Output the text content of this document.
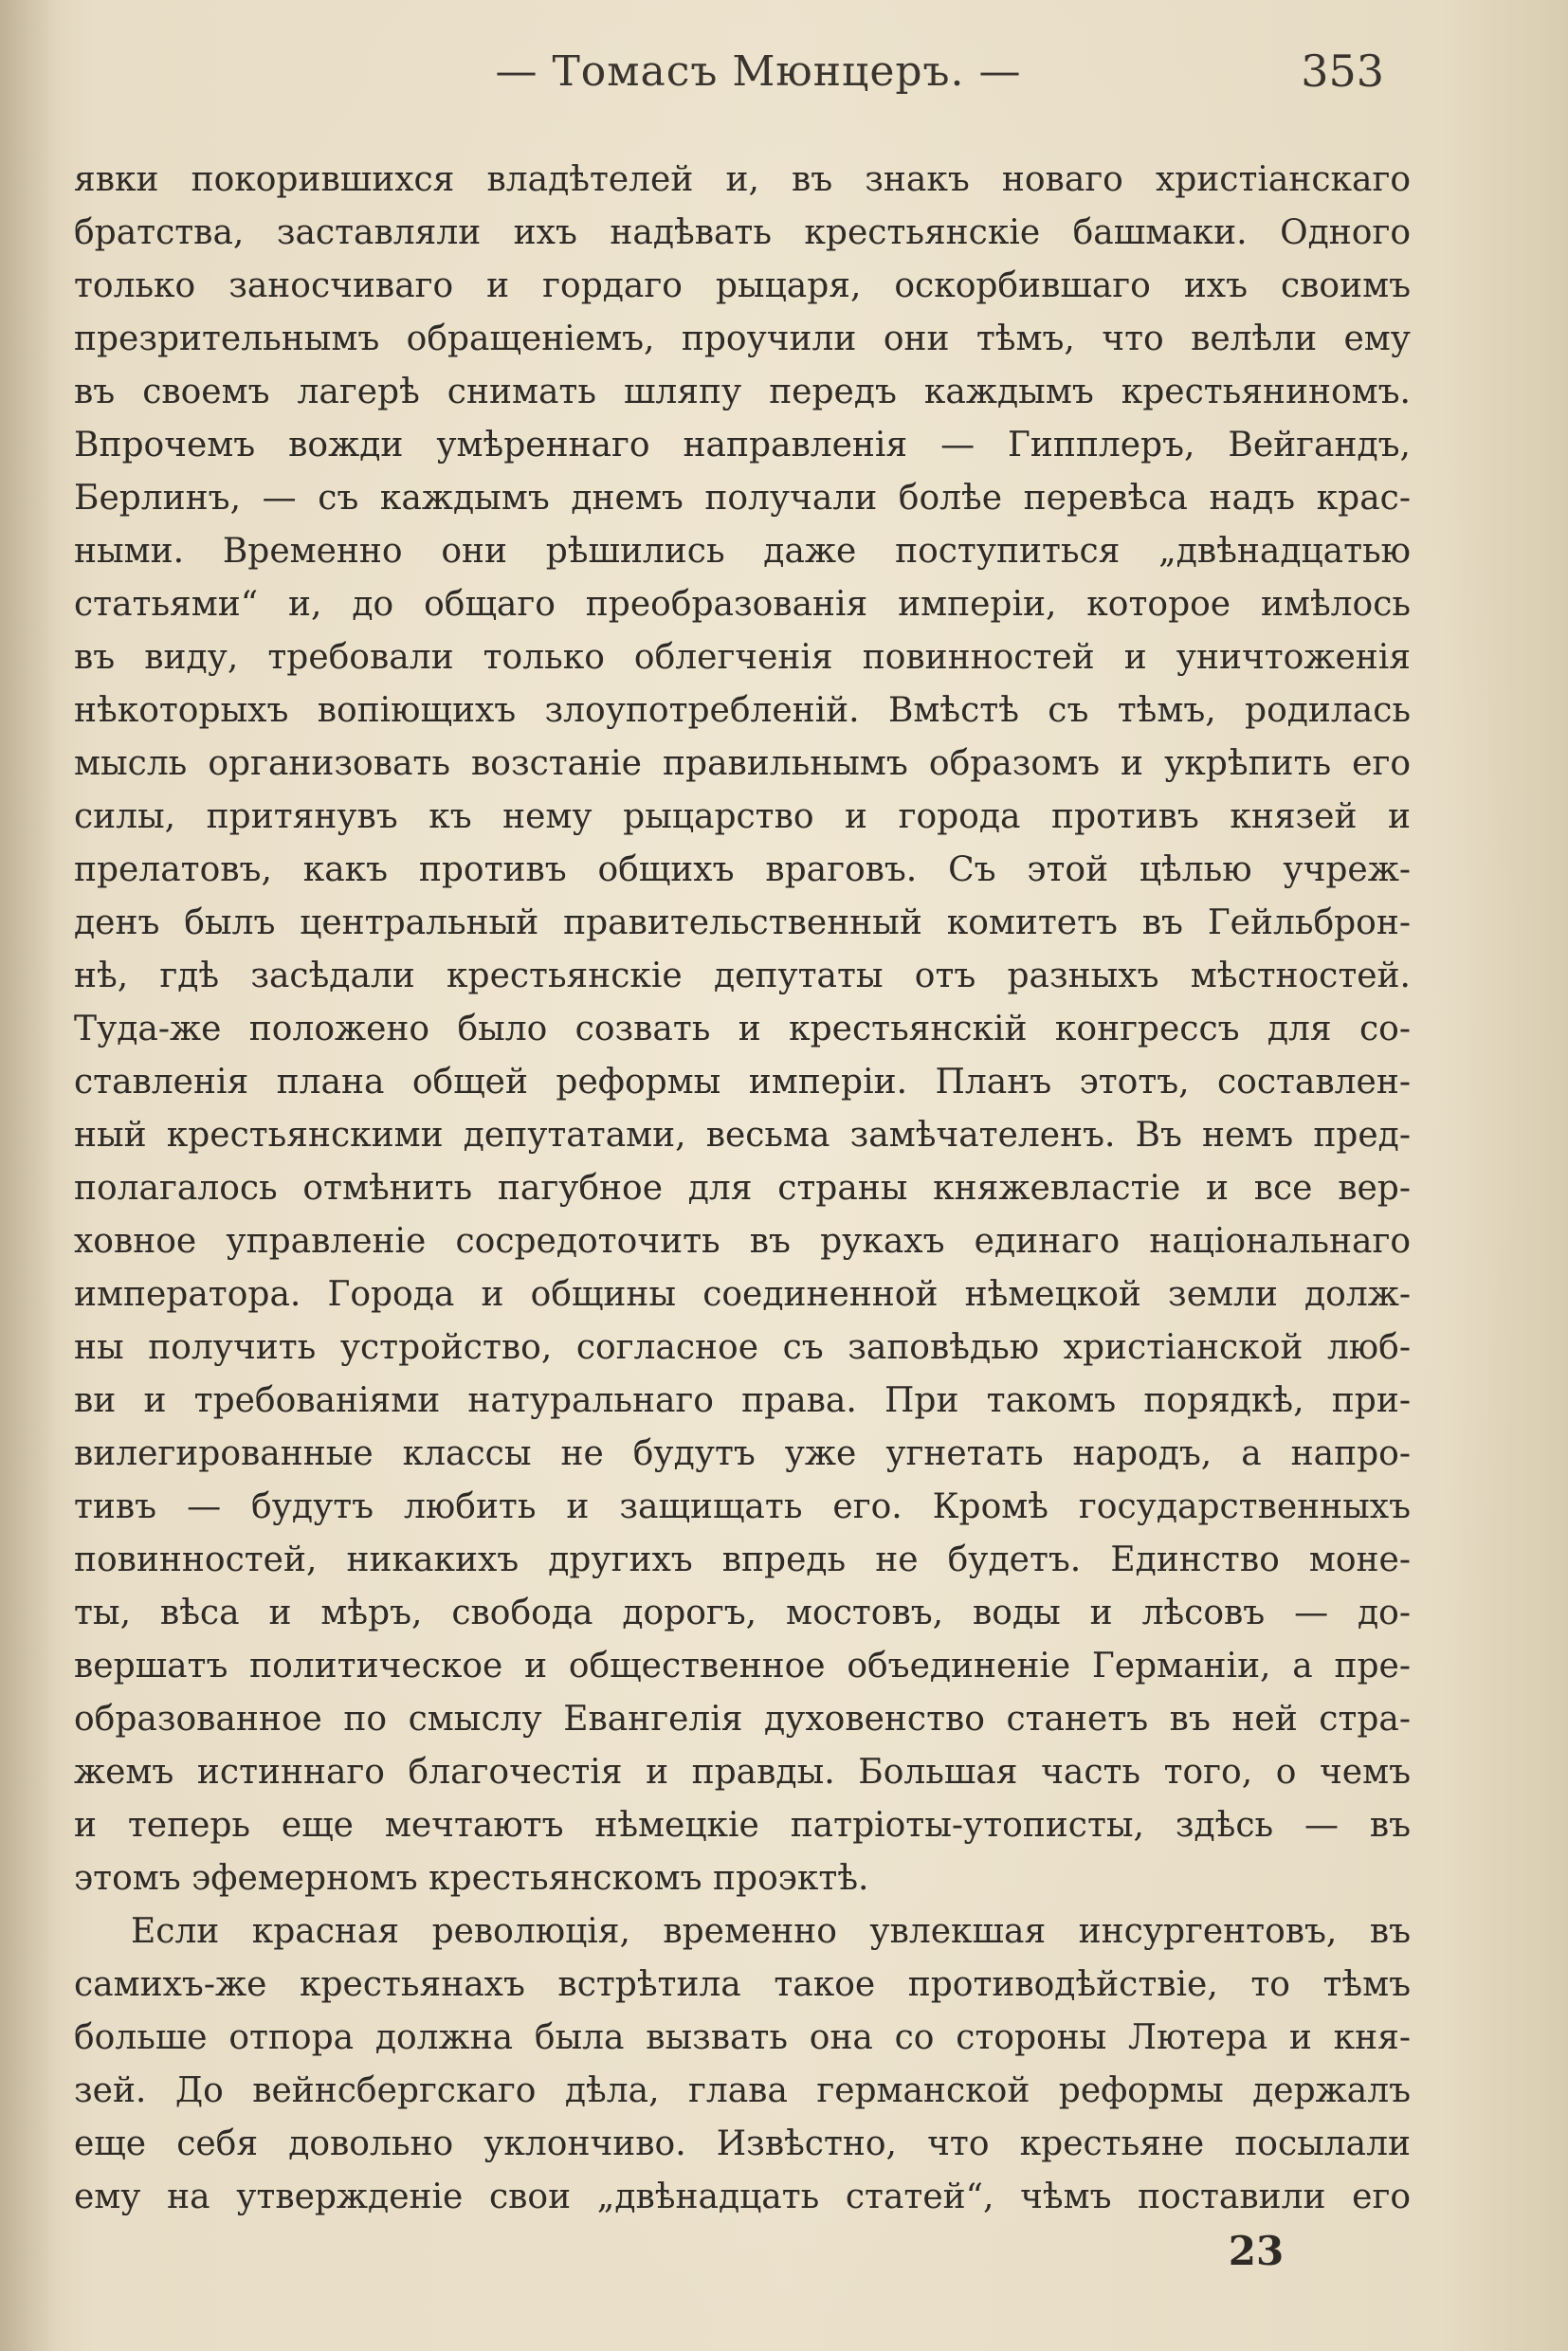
— Томасъ Мюнцеръ. —	353
явки покорившихся владѣтелей и, въ знакъ новаго христіанскаго
братства, заставляли ихъ надѣвать крестьянскіе башмаки. Одного
только заносчиваго и гордаго рыцаря, оскорбившаго ихъ своимъ
презрительнымъ обращеніемъ, проучили они тѣмъ, что велѣли ему
въ своемъ лагерѣ снимать шляпу передъ каждымъ крестьяниномъ.
Впрочемъ вожди умѣреннаго направленія — Гипплеръ, Вейгандъ,
Берлинъ, — съ каждымъ днемъ получали болѣе перевѣса надъ крас-
ными. Временно они рѣшились даже поступиться „двѣнадцатью
статьями“ и, до общаго преобразованія имперіи, которое имѣлось
въ виду, требовали только облегченія повинностей и уничтоженія
нѣкоторыхъ вопіющихъ злоупотребленій. Вмѣстѣ съ тѣмъ, родилась
мысль организовать возстаніе правильнымъ образомъ и укрѣпить его
силы, притянувъ къ нему рыцарство и города противъ князей и
прелатовъ, какъ противъ общихъ враговъ. Съ этой цѣлью учреж-
денъ былъ центральный правительственный комитетъ въ Гейльброн-
нѣ, гдѣ засѣдали крестьянскіе депутаты отъ разныхъ мѣстностей.
Туда-же положено было созвать и крестьянскій конгрессъ для со-
ставленія плана общей реформы имперіи. Планъ этотъ, составлен-
ный крестьянскими депутатами, весьма замѣчателенъ. Въ немъ пред-
полагалось отмѣнить пагубное для страны княжевластіе и все вер-
ховное управленіе сосредоточить въ рукахъ единаго національнаго
императора. Города и общины соединенной нѣмецкой земли долж-
ны получить устройство, согласное съ заповѣдью христіанской люб-
ви и требованіями натуральнаго права. При такомъ порядкѣ, при-
вилегированные классы не будутъ уже угнетать народъ, а напро-
тивъ — будутъ любить и защищать его. Кромѣ государственныхъ
повинностей, никакихъ другихъ впредь не будетъ. Единство моне-
ты, вѣса и мѣръ, свобода дорогъ, мостовъ, воды и лѣсовъ — до-
вершатъ политическое и общественное объединеніе Германіи, а пре-
образованное по смыслу Евангелія духовенство станетъ въ ней стра-
жемъ истиннаго благочестія и правды. Большая часть того, о чемъ
и теперь еще мечтаютъ нѣмецкіе патріоты-утописты, здѣсь — въ
этомъ эфемерномъ крестьянскомъ проэктѣ.
Если красная революція, временно увлекшая инсургентовъ, въ
самихъ-же крестьянахъ встрѣтила такое противодѣйствіе, то тѣмъ
больше отпора должна была вызвать она со стороны Лютера и кня-
зей. До вейнсбергскаго дѣла, глава германской реформы держалъ
еще себя довольно уклончиво. Извѣстно, что крестьяне посылали
ему на утвержденіе свои „двѣнадцать статей“, чѣмъ поставили его
23
